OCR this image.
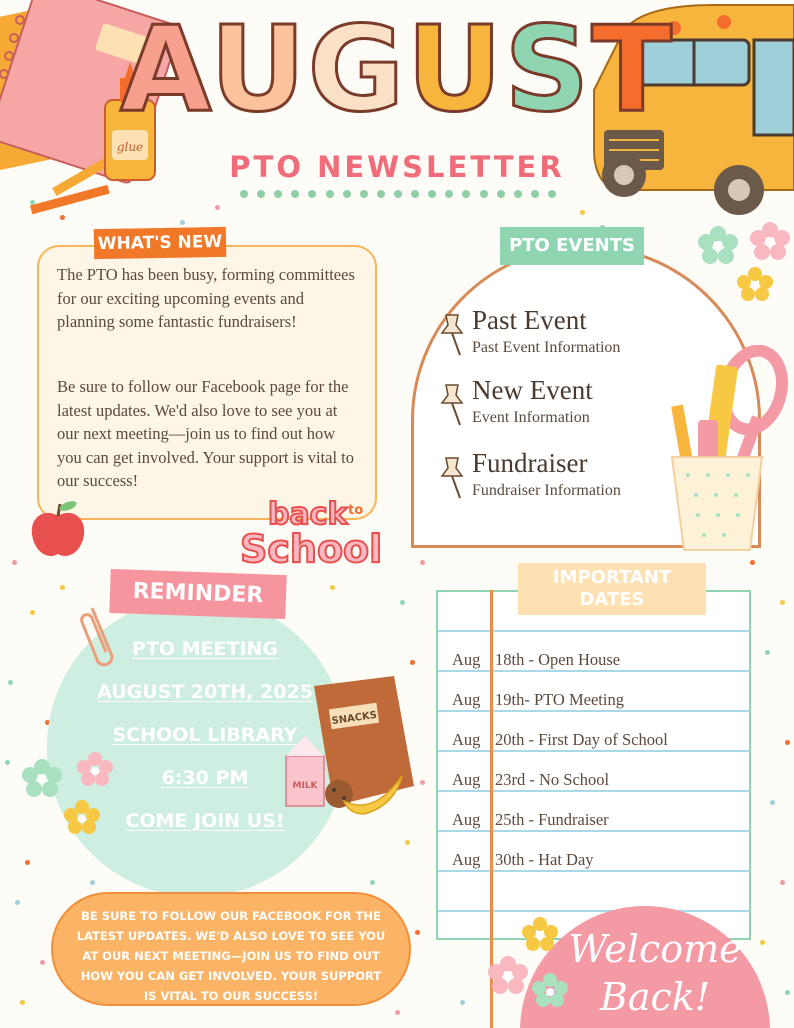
glue
AUGUST
PTO NEWSLETTER
WHAT'S NEW
The PTO has been busy, forming committees for our exciting upcoming events and planning some fantastic fundraisers!
Be sure to follow our Facebook page for the latest updates. We'd also love to see you at our next meeting—join us to find out how you can get involved. Your support is vital to our success!
back to
School
PTO EVENTS
Past Event
Past Event Information
New Event
Event Information
Fundraiser
Fundraiser Information
REMINDER
PTO MEETING
AUGUST 20TH, 2025
SCHOOL LIBRARY
6:30 PM
COME JOIN US!
SNACKS
MILK
BE SURE TO FOLLOW OUR FACEBOOK FOR THE LATEST UPDATES. WE'D ALSO LOVE TO SEE YOU AT OUR NEXT MEETING—JOIN US TO FIND OUT HOW YOU CAN GET INVOLVED. YOUR SUPPORT IS VITAL TO OUR SUCCESS!
IMPORTANT
DATES
Aug 18th - Open House
Aug 19th- PTO Meeting
Aug 20th - First Day of School
Aug 23rd - No School
Aug 25th - Fundraiser
Aug 30th - Hat Day
Welcome
Back!
